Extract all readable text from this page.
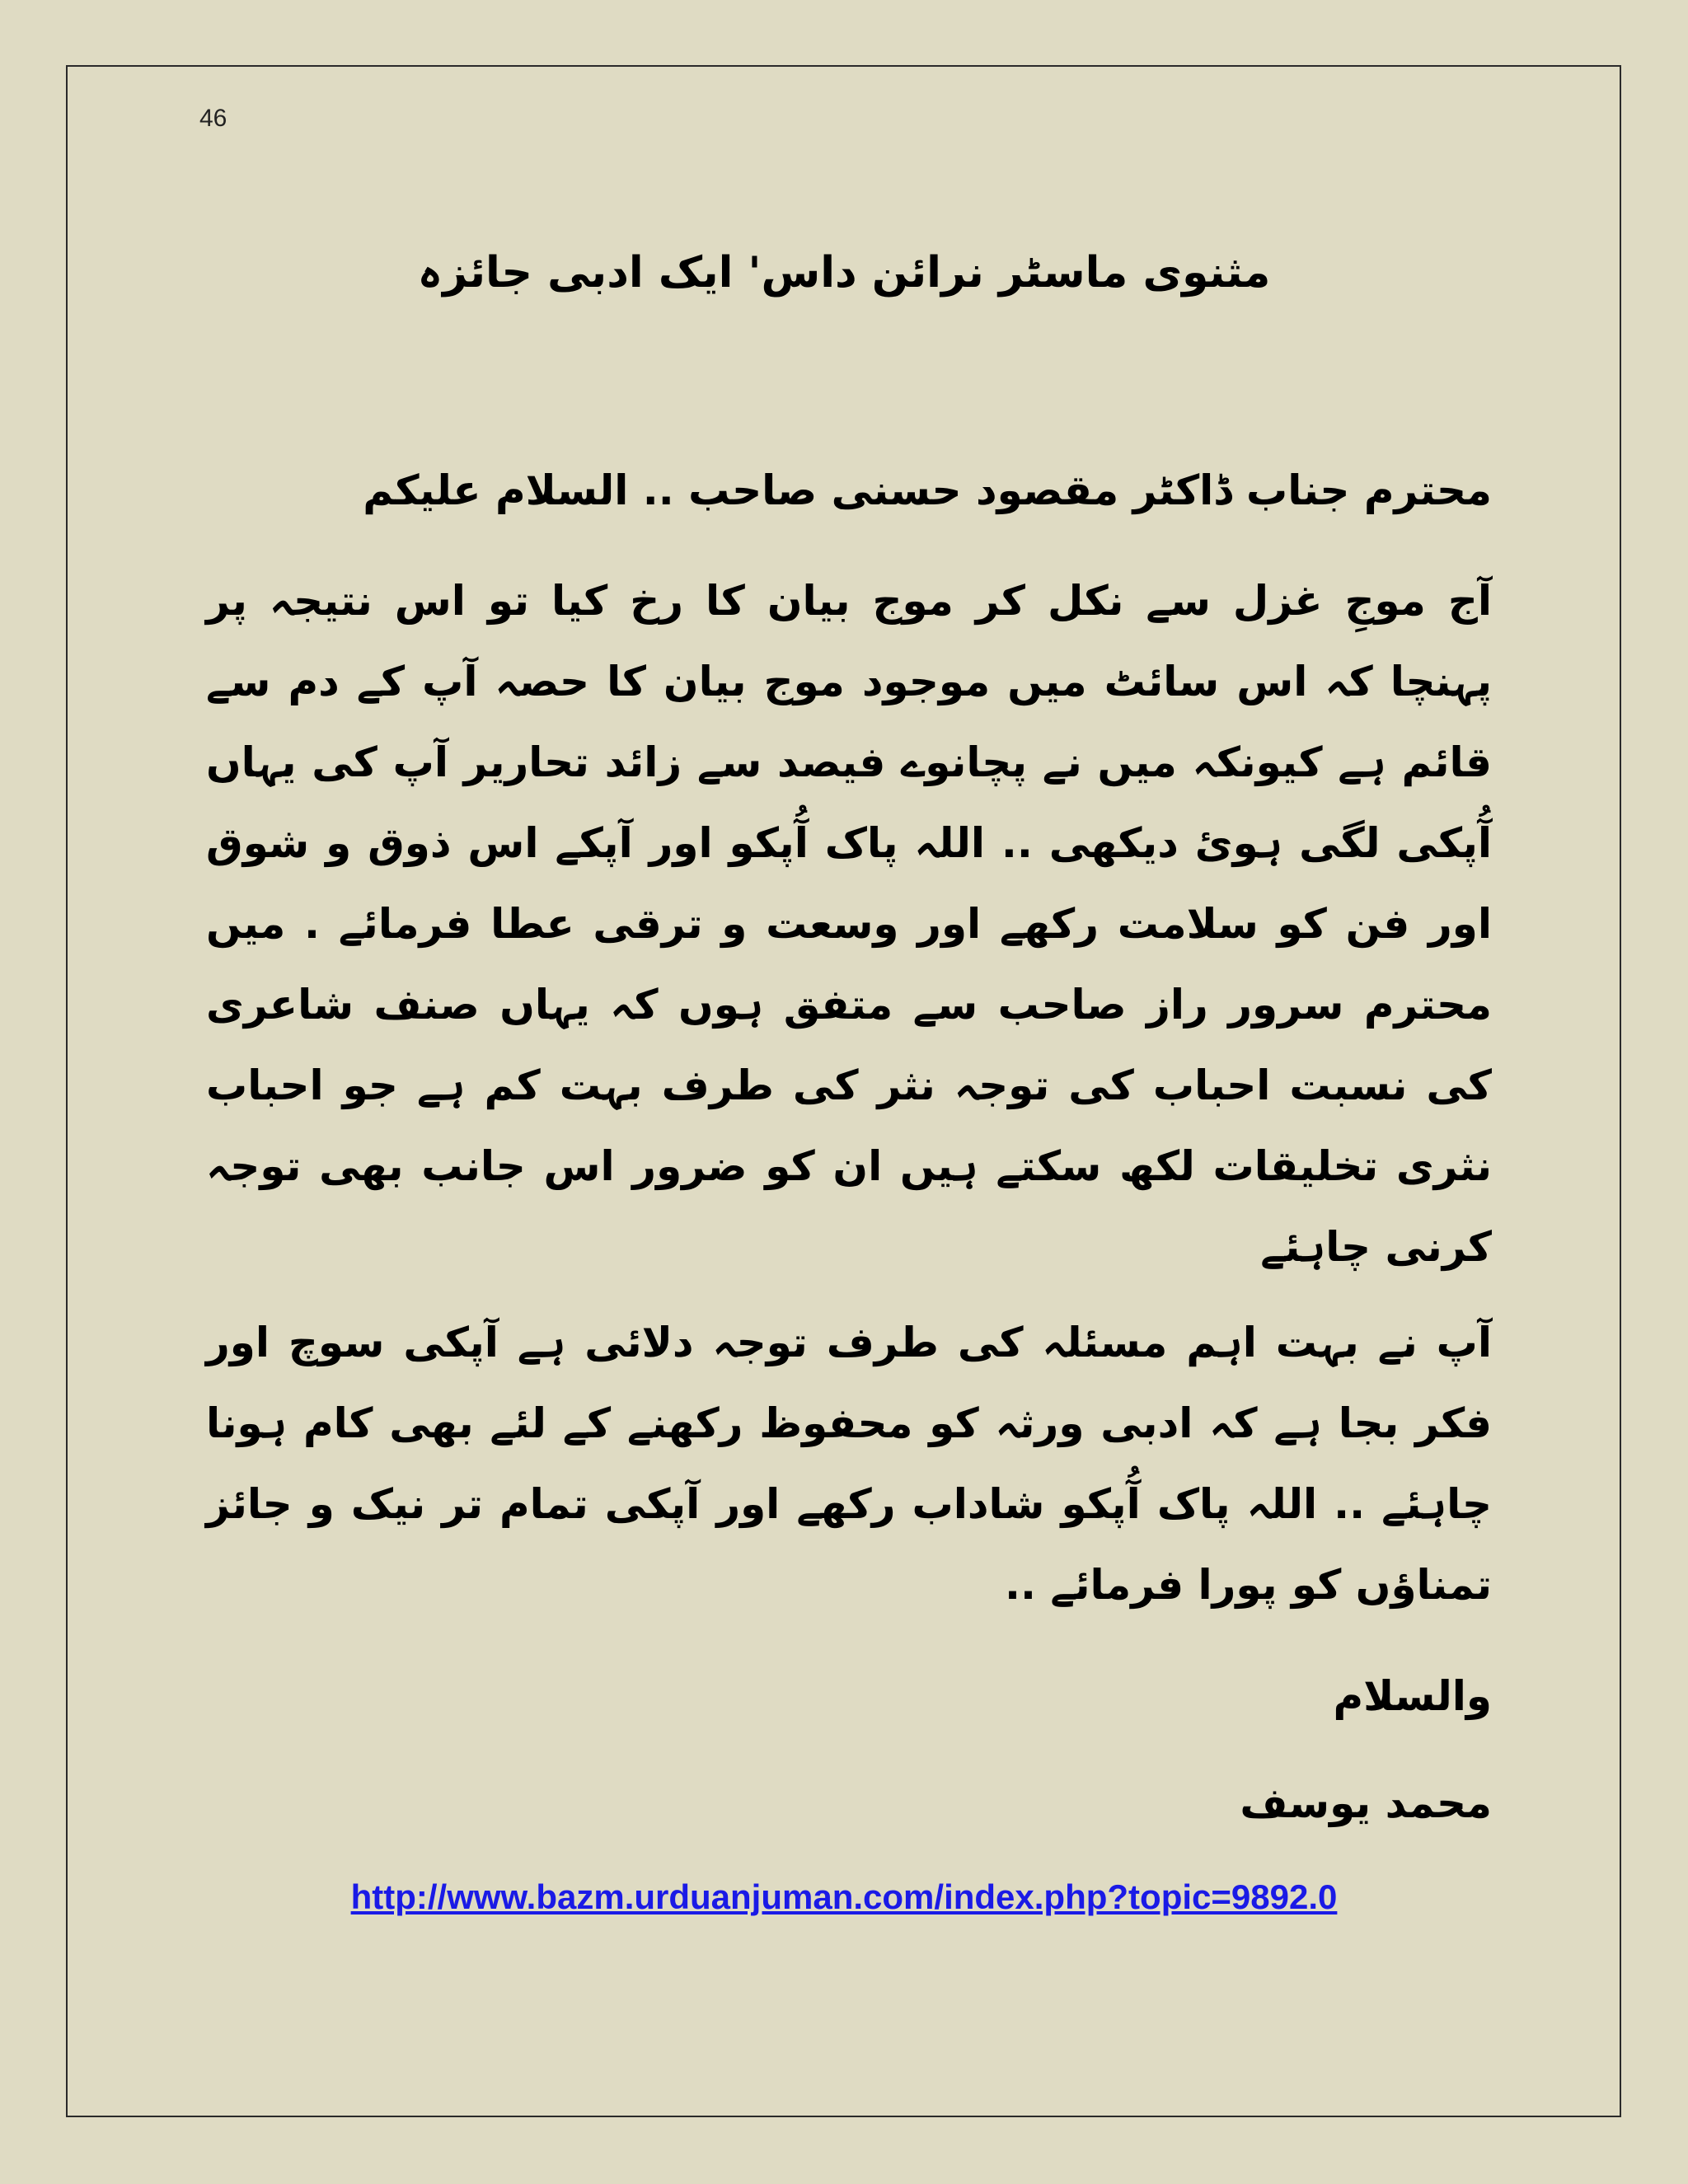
46
مثنوی ماسٹر نرائن داس' ایک ادبی جائزہ
محترم جناب ڈاکٹر مقصود حسنی صاحب .. السلام علیکم

آج موجِ غزل سے نکل کر موج بیان کا رخ کیا تو اس نتیجہ پر پہنچا کہ اس سائٹ میں موجود موج بیان کا حصہ آپ کے دم سے قائم ہے کیونکہ میں نے پچانوے فیصد سے زائد تحاریر آپ کی یہاں آُپکی لگی ہوئ دیکھی .. اللہ پاک آُپکو اور آپکے اس ذوق و شوق اور فن کو سلامت رکھے اور وسعت و ترقی عطا فرمائے . میں محترم سرور راز صاحب سے متفق ہوں کہ یہاں صنف شاعری کی نسبت احباب کی توجہ نثر کی طرف بہت کم ہے جو احباب نثری تخلیقات لکھ سکتے ہیں ان کو ضرور اس جانب بھی توجہ کرنی چاہئے

آپ نے بہت اہم مسئلہ کی طرف توجہ دلائی ہے آپکی سوچ اور فکر بجا ہے کہ ادبی ورثہ کو محفوظ رکھنے کے لئے بھی کام ہونا چاہئے .. اللہ پاک آُپکو شاداب رکھے اور آپکی تمام تر نیک و جائز تمناؤں کو پورا فرمائے ..

والسلام

محمد یوسف

http://www.bazm.urduanjuman.com/index.php?topic=9892.0
